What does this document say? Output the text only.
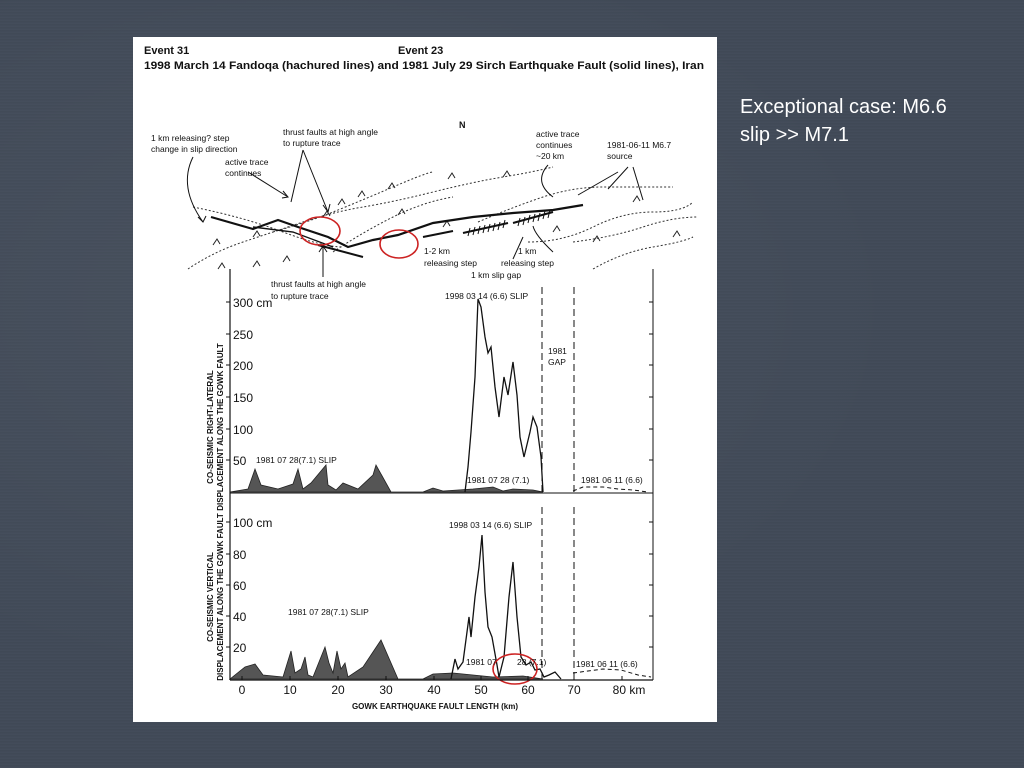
Event 31	Event 23
1998 March 14 Fandoqa (hachured lines) and 1981 July 29 Sirch Earthquake Fault (solid lines), Iran
N
1 km releasing? step
change in slip direction
active trace
continues
thrust faults at high angle
to rupture trace
thrust faults at high angle
to rupture trace
1-2 km
releasing step
1 km slip gap
1 km
releasing step
active trace
continues
~20 km
1981-06-11 M6.7
source
CO-SEISMIC RIGHT-LATERAL DISPLACEMENT ALONG THE GOWK FAULT
300 cm
250
200
150
100
50
1998 03 14 (6.6) SLIP
1981
GAP
1981 07 28(7.1) SLIP
1981 07 28 (7.1)	1981 06 11 (6.6)
CO-SEISMIC VERTICAL DISPLACEMENT ALONG THE GOWK FAULT 100 cm
80
60
40
20
1998 03 14 (6.6) SLIP
1981 07 28(7.1) SLIP
1981 07 28 (7.1)	1981 06 11 (6.6)
0	10	20	30	40	50	60	70	80 km
GOWK EARTHQUAKE FAULT LENGTH (km)
Exceptional case: M6.6
slip >> M7.1
